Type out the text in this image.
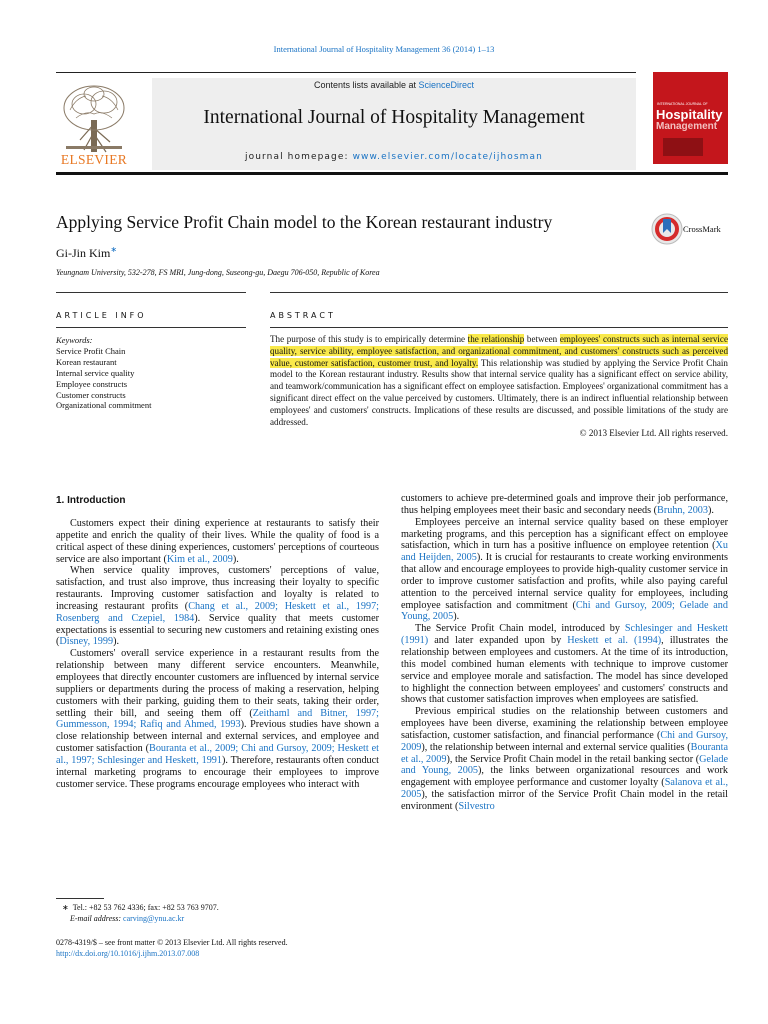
International Journal of Hospitality Management 36 (2014) 1–13
Contents lists available at ScienceDirect
International Journal of Hospitality Management
journal homepage: www.elsevier.com/locate/ijhosman
ELSEVIER
INTERNATIONAL JOURNAL OF
Hospitality
Management
Applying Service Profit Chain model to the Korean restaurant industry	CrossMark
Gi-Jin Kim∗
Yeungnam University, 532-278, FS MRI, Jung-dong, Suseong-gu, Daegu 706-050, Republic of Korea
ARTICLE INFO	ABSTRACT
Keywords:
Service Profit Chain
Korean restaurant
Internal service quality
Employee constructs
Customer constructs
Organizational commitment
The purpose of this study is to empirically determine the relationship between employees' constructs such as internal service quality, service ability, employee satisfaction, and organizational commitment, and customers' constructs such as perceived value, customer satisfaction, customer trust, and loyalty. This relationship was studied by applying the Service Profit Chain model to the Korean restaurant industry. Results show that internal service quality has a significant effect on service ability, and teamwork/communication has a significant effect on employee satisfaction. Employees' organizational commitment has a significant direct effect on the value perceived by customers. Ultimately, there is an indirect influential relationship between employees' and customers' constructs. Implications of these results are discussed, and possible limitations of the study are addressed.
© 2013 Elsevier Ltd. All rights reserved.
1. Introduction

Customers expect their dining experience at restaurants to satisfy their appetite and enrich the quality of their lives. While the quality of food is a critical aspect of these dining experiences, customers' perceptions of courteous service are also important (Kim et al., 2009).

When service quality improves, customers' perceptions of value, satisfaction, and trust also improve, thus increasing their loyalty to specific restaurants. Improving customer satisfaction and loyalty is related to increasing restaurant profits (Chang et al., 2009; Heskett et al., 1997; Rosenberg and Czepiel, 1984). Service quality that meets customer expectations is essential to securing new customers and retaining existing ones (Disney, 1999).

Customers' overall service experience in a restaurant results from the relationship between many different service encounters. Meanwhile, employees that directly encounter customers are influenced by internal service suppliers or departments during the process of making a reservation, helping customers with their parking, guiding them to their seats, taking their order, settling their bill, and seeing them off (Zeithaml and Bitner, 1997; Gummesson, 1994; Rafiq and Ahmed, 1993). Previous studies have shown a close relationship between internal and external services, and employee and customer satisfaction (Bouranta et al., 2009; Chi and Gursoy, 2009; Heskett et al., 1997; Schlesinger and Heskett, 1991). Therefore, restaurants often conduct internal marketing programs to encourage their employees to improve customer service. These programs encourage employees who interact with

customers to achieve pre-determined goals and improve their job performance, thus helping employees meet their basic and secondary needs (Bruhn, 2003).

Employees perceive an internal service quality based on these employer marketing programs, and this perception has a significant effect on employee satisfaction, which in turn has a positive influence on employee retention (Xu and Heijden, 2005). It is crucial for restaurants to create working environments that allow and encourage employees to provide high-quality customer service in order to improve customer satisfaction and profits, while also paying careful attention to the perceived internal service quality for employees, including employee satisfaction and commitment (Chi and Gursoy, 2009; Gelade and Young, 2005).

The Service Profit Chain model, introduced by Schlesinger and Heskett (1991) and later expanded upon by Heskett et al. (1994), illustrates the relationship between employees and customers. At the time of its introduction, this model combined human elements with technique to improve customer service and employee morale and satisfaction. The model has since developed to highlight the connection between employees' and customers' constructs and shows that customer satisfaction improves when employees are satisfied.

Previous empirical studies on the relationship between customers and employees have been diverse, examining the relationship between employee satisfaction, customer satisfaction, and financial performance (Chi and Gursoy, 2009), the relationship between internal and external service qualities (Bouranta et al., 2009), the Service Profit Chain model in the retail banking sector (Gelade and Young, 2005), the links between organizational resources and work engagement with employee performance and customer loyalty (Salanova et al., 2005), the satisfaction mirror of the Service Profit Chain model in the retail environment (Silvestro

∗ Tel.: +82 53 762 4336; fax: +82 53 763 9707.
E-mail address: carving@ynu.ac.kr
0278-4319/$ – see front matter © 2013 Elsevier Ltd. All rights reserved.
http://dx.doi.org/10.1016/j.ijhm.2013.07.008
